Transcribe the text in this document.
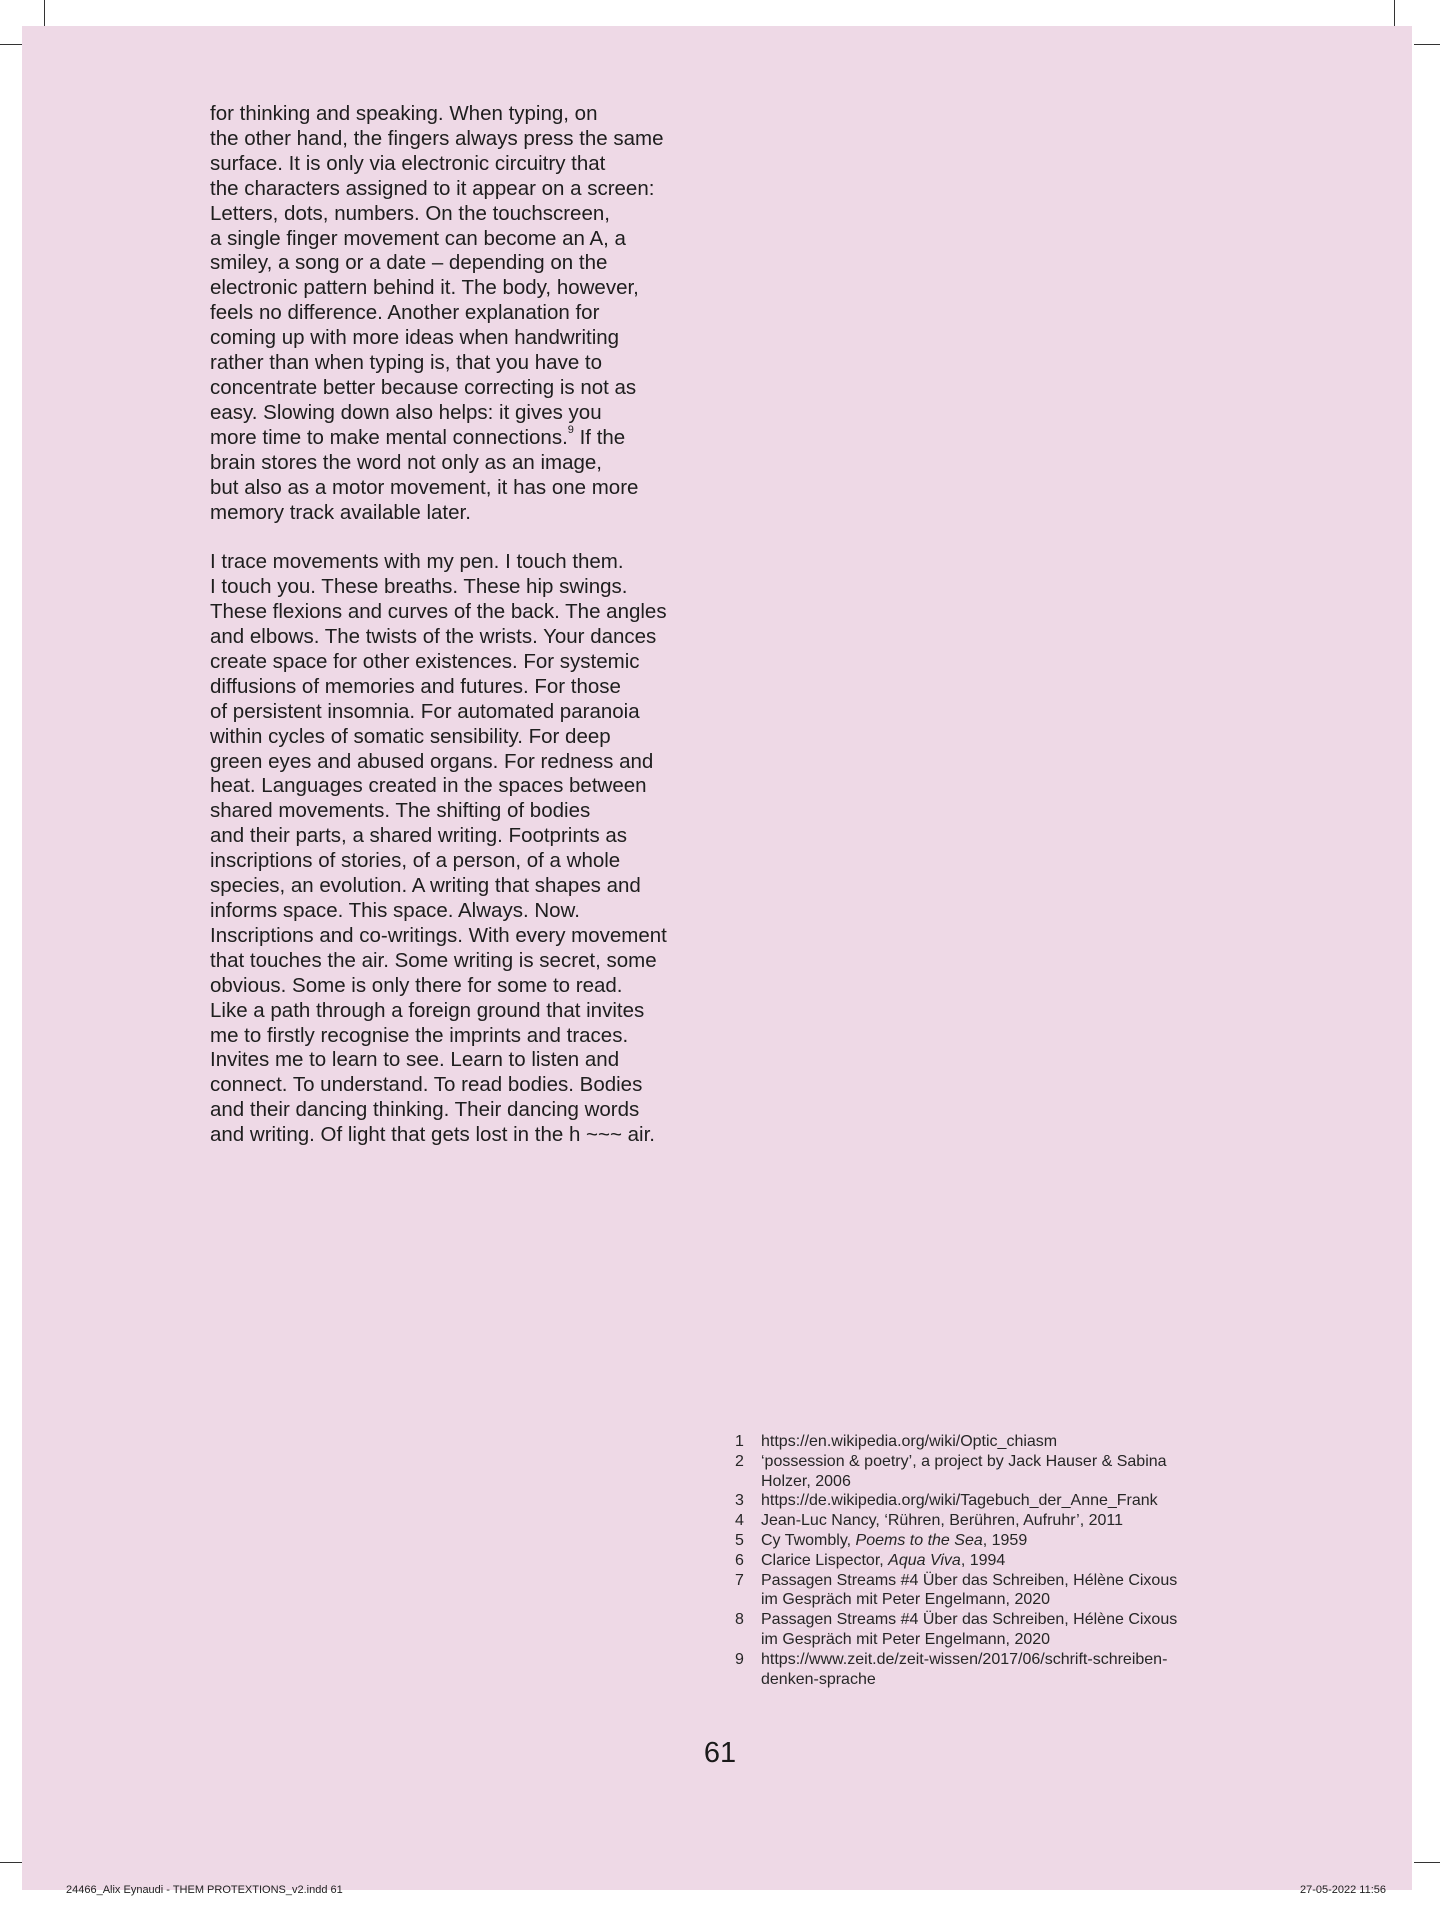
for thinking and speaking. When typing, on
the other hand, the fingers always press the same
surface. It is only via electronic circuitry that
the characters assigned to it appear on a screen:
Letters, dots, numbers. On the touchscreen,
a single finger movement can become an A, a
smiley, a song or a date – depending on the
electronic pattern behind it. The body, however,
feels no difference. Another explanation for
coming up with more ideas when handwriting
rather than when typing is, that you have to
concentrate better because correcting is not as
easy. Slowing down also helps: it gives you
more time to make mental connections.$^9$ If the
brain stores the word not only as an image,
but also as a motor movement, it has one more
memory track available later.
I trace movements with my pen. I touch them.
I touch you. These breaths. These hip swings.
These flexions and curves of the back. The angles
and elbows. The twists of the wrists. Your dances
create space for other existences. For systemic
diffusions of memories and futures. For those
of persistent insomnia. For automated paranoia
within cycles of somatic sensibility. For deep
green eyes and abused organs. For redness and
heat. Languages created in the spaces between
shared movements. The shifting of bodies
and their parts, a shared writing. Footprints as
inscriptions of stories, of a person, of a whole
species, an evolution. A writing that shapes and
informs space. This space. Always. Now.
Inscriptions and co-writings. With every movement
that touches the air. Some writing is secret, some
obvious. Some is only there for some to read.
Like a path through a foreign ground that invites
me to firstly recognise the imprints and traces.
Invites me to learn to see. Learn to listen and
connect. To understand. To read bodies. Bodies
and their dancing thinking. Their dancing words
and writing. Of light that gets lost in the h ~~~ air.
1	https://en.wikipedia.org/wiki/Optic_chiasm
2	‘possession & poetry’, a project by Jack Hauser & Sabina
Holzer, 2006
3	https://de.wikipedia.org/wiki/Tagebuch_der_Anne_Frank
4	Jean-Luc Nancy, ‘Rühren, Berühren, Aufruhr’, 2011
5	Cy Twombly, Poems to the Sea, 1959
6	Clarice Lispector, Aqua Viva, 1994
7	Passagen Streams #4 Über das Schreiben, Hélène Cixous
im Gespräch mit Peter Engelmann, 2020
8	Passagen Streams #4 Über das Schreiben, Hélène Cixous
im Gespräch mit Peter Engelmann, 2020
9	https://www.zeit.de/zeit-wissen/2017/06/schrift-schreiben-
denken-sprache
61
24466_Alix Eynaudi - THEM PROTEXTIONS_v2.indd 61	27-05-2022 11:56
